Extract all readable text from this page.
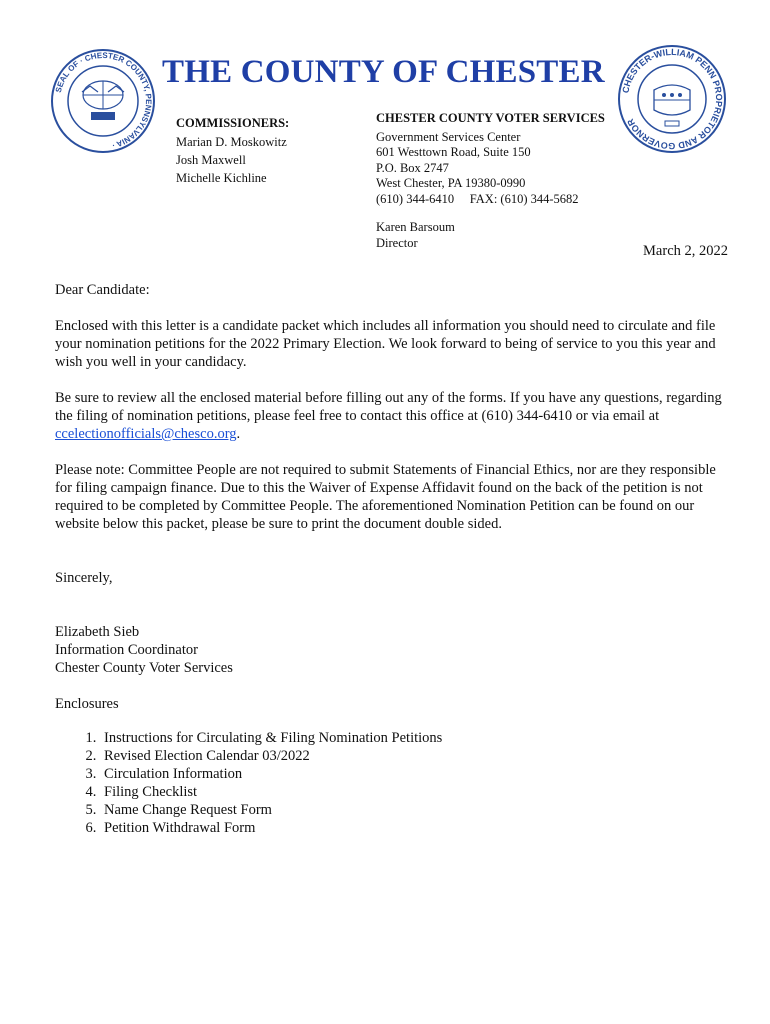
SEAL OF · CHESTER COUNTY, PENNSYLVANIA ·
THE COUNTY OF CHESTER	CHESTER-WILLIAM PENN PROPRIETOR AND GOVERNOR
COMMISSIONERS:
Marian D. Moskowitz
Josh Maxwell
Michelle Kichline
CHESTER COUNTY VOTER SERVICES
Government Services Center
601 Westtown Road, Suite 150
P.O. Box 2747
West Chester, PA 19380-0990
(610) 344-6410     FAX: (610) 344-5682
Karen Barsoum
Director
March 2, 2022

Dear Candidate:

Enclosed with this letter is a candidate packet which includes all information you should need to circulate and file your nomination petitions for the 2022 Primary Election. We look forward to being of service to you this year and wish you well in your candidacy.

Be sure to review all the enclosed material before filling out any of the forms. If you have any questions, regarding the filing of nomination petitions, please feel free to contact this office at (610) 344-6410 or via email at ccelectionofficials@chesco.org.

Please note: Committee People are not required to submit Statements of Financial Ethics, nor are they responsible for filing campaign finance. Due to this the Waiver of Expense Affidavit found on the back of the petition is not required to be completed by Committee People. The aforementioned Nomination Petition can be found on our website below this packet, please be sure to print the document double sided.

Sincerely,

Elizabeth Sieb
Information Coordinator
Chester County Voter Services
Enclosures
1. Instructions for Circulating & Filing Nomination Petitions
2. Revised Election Calendar 03/2022
3. Circulation Information
4. Filing Checklist
5. Name Change Request Form
6. Petition Withdrawal Form
